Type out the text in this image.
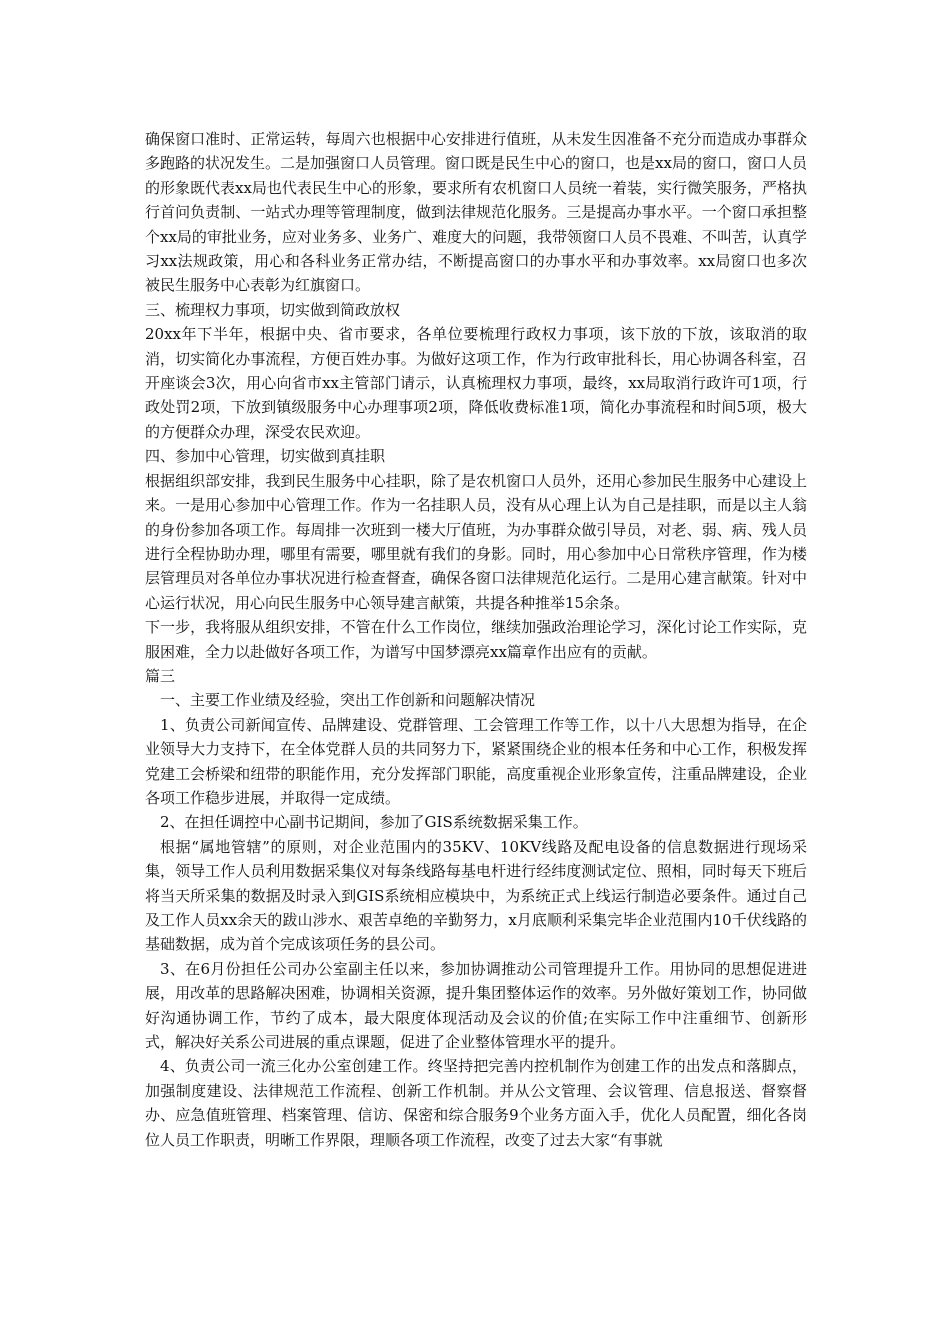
确保窗口准时、正常运转，每周六也根据中心安排进行值班，从未发生因准备不充分而造成办事群众多跑路的状况发生。二是加强窗口人员管理。窗口既是民生中心的窗口，也是xx局的窗口，窗口人员的形象既代表xx局也代表民生中心的形象，要求所有农机窗口人员统一着装，实行微笑服务，严格执行首问负责制、一站式办理等管理制度，做到法律规范化服务。三是提高办事水平。一个窗口承担整个xx局的审批业务，应对业务多、业务广、难度大的问题，我带领窗口人员不畏难、不叫苦，认真学习xx法规政策，用心和各科业务正常办结，不断提高窗口的办事水平和办事效率。xx局窗口也多次被民生服务中心表彰为红旗窗口。

三、梳理权力事项，切实做到简政放权

20xx年下半年，根据中央、省市要求，各单位要梳理行政权力事项，该下放的下放，该取消的取消，切实简化办事流程，方便百姓办事。为做好这项工作，作为行政审批科长，用心协调各科室，召开座谈会3次，用心向省市xx主管部门请示，认真梳理权力事项，最终，xx局取消行政许可1项，行政处罚2项，下放到镇级服务中心办理事项2项，降低收费标准1项，简化办事流程和时间5项，极大的方便群众办理，深受农民欢迎。

四、参加中心管理，切实做到真挂职

根据组织部安排，我到民生服务中心挂职，除了是农机窗口人员外，还用心参加民生服务中心建设上来。一是用心参加中心管理工作。作为一名挂职人员，没有从心理上认为自己是挂职，而是以主人翁的身份参加各项工作。每周排一次班到一楼大厅值班，为办事群众做引导员，对老、弱、病、残人员进行全程协助办理，哪里有需要，哪里就有我们的身影。同时，用心参加中心日常秩序管理，作为楼层管理员对各单位办事状况进行检查督查，确保各窗口法律规范化运行。二是用心建言献策。针对中心运行状况，用心向民生服务中心领导建言献策，共提各种推举15余条。

下一步，我将服从组织安排，不管在什么工作岗位，继续加强政治理论学习，深化讨论工作实际，克服困难，全力以赴做好各项工作，为谱写中国梦漂亮xx篇章作出应有的贡献。

篇三

一、主要工作业绩及经验，突出工作创新和问题解决情况

1、负责公司新闻宣传、品牌建设、党群管理、工会管理工作等工作，以十八大思想为指导，在企业领导大力支持下，在全体党群人员的共同努力下，紧紧围绕企业的根本任务和中心工作，积极发挥党建工会桥梁和纽带的职能作用，充分发挥部门职能，高度重视企业形象宣传，注重品牌建设，企业各项工作稳步进展，并取得一定成绩。

2、在担任调控中心副书记期间，参加了GIS系统数据采集工作。

根据“属地管辖”的原则，对企业范围内的35KV、10KV线路及配电设备的信息数据进行现场采集，领导工作人员利用数据采集仪对每条线路每基电杆进行经纬度测试定位、照相，同时每天下班后将当天所采集的数据及时录入到GIS系统相应模块中，为系统正式上线运行制造必要条件。通过自己及工作人员xx余天的跋山涉水、艰苦卓绝的辛勤努力，x月底顺利采集完毕企业范围内10千伏线路的基础数据，成为首个完成该项任务的县公司。

3、在6月份担任公司办公室副主任以来，参加协调推动公司管理提升工作。用协同的思想促进进展，用改革的思路解决困难，协调相关资源，提升集团整体运作的效率。另外做好策划工作，协同做好沟通协调工作，节约了成本，最大限度体现活动及会议的价值;在实际工作中注重细节、创新形式，解决好关系公司进展的重点课题，促进了企业整体管理水平的提升。

4、负责公司一流三化办公室创建工作。终坚持把完善内控机制作为创建工作的出发点和落脚点，加强制度建设、法律规范工作流程、创新工作机制。并从公文管理、会议管理、信息报送、督察督办、应急值班管理、档案管理、信访、保密和综合服务9个业务方面入手，优化人员配置，细化各岗位人员工作职责，明晰工作界限，理顺各项工作流程，改变了过去大家“有事就
